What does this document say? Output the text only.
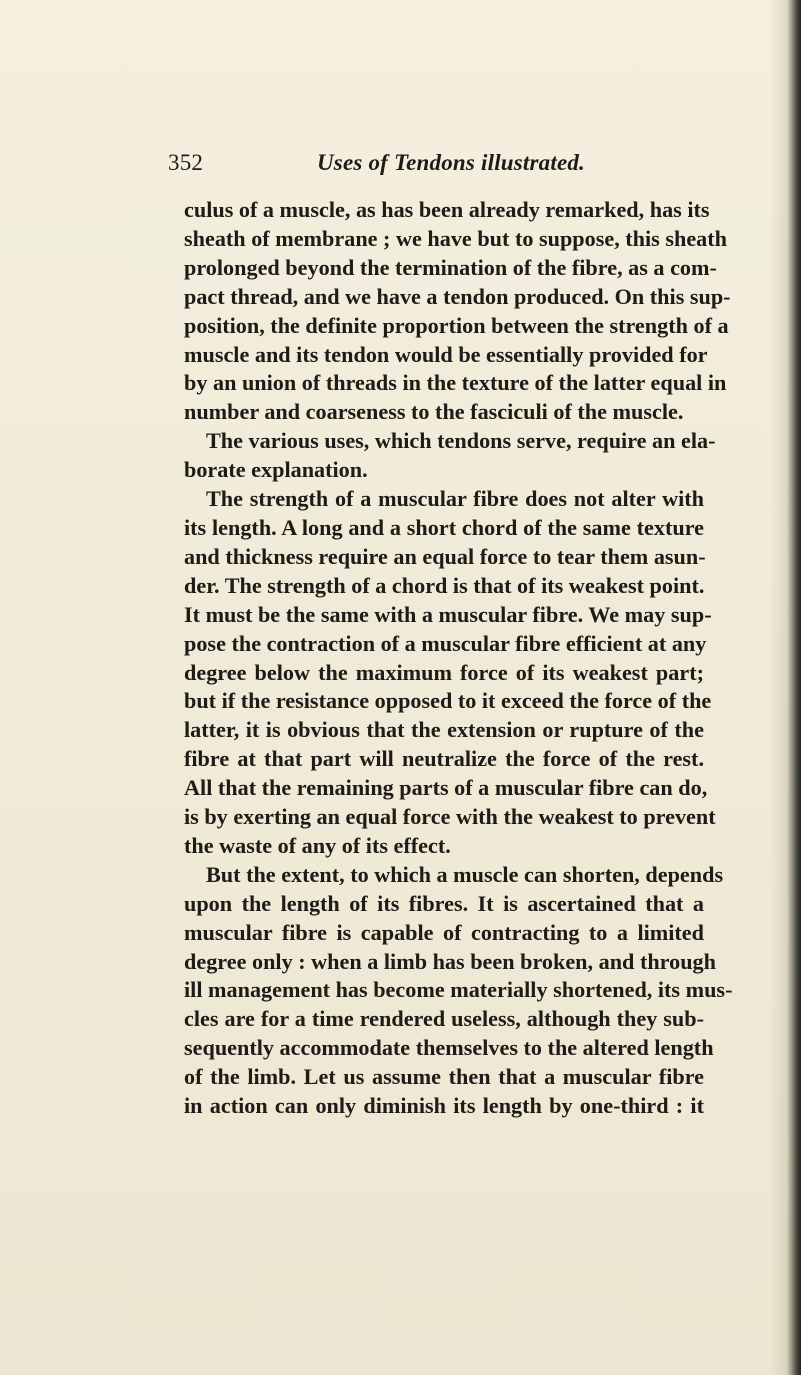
352	Uses of Tendons illustrated.
culus of a muscle, as has been already remarked, has its
sheath of membrane ; we have but to suppose, this sheath
prolonged beyond the termination of the fibre, as a com-
pact thread, and we have a tendon produced. On this sup-
position, the definite proportion between the strength of a
muscle and its tendon would be essentially provided for
by an union of threads in the texture of the latter equal in
number and coarseness to the fasciculi of the muscle.
The various uses, which tendons serve, require an ela-
borate explanation.
The strength of a muscular fibre does not alter with
its length. A long and a short chord of the same texture
and thickness require an equal force to tear them asun-
der. The strength of a chord is that of its weakest point.
It must be the same with a muscular fibre. We may sup-
pose the contraction of a muscular fibre efficient at any
degree below the maximum force of its weakest part;
but if the resistance opposed to it exceed the force of the
latter, it is obvious that the extension or rupture of the
fibre at that part will neutralize the force of the rest.
All that the remaining parts of a muscular fibre can do,
is by exerting an equal force with the weakest to prevent
the waste of any of its effect.
But the extent, to which a muscle can shorten, depends
upon the length of its fibres. It is ascertained that a
muscular fibre is capable of contracting to a limited
degree only : when a limb has been broken, and through
ill management has become materially shortened, its mus-
cles are for a time rendered useless, although they sub-
sequently accommodate themselves to the altered length
of the limb. Let us assume then that a muscular fibre
in action can only diminish its length by one-third : it
